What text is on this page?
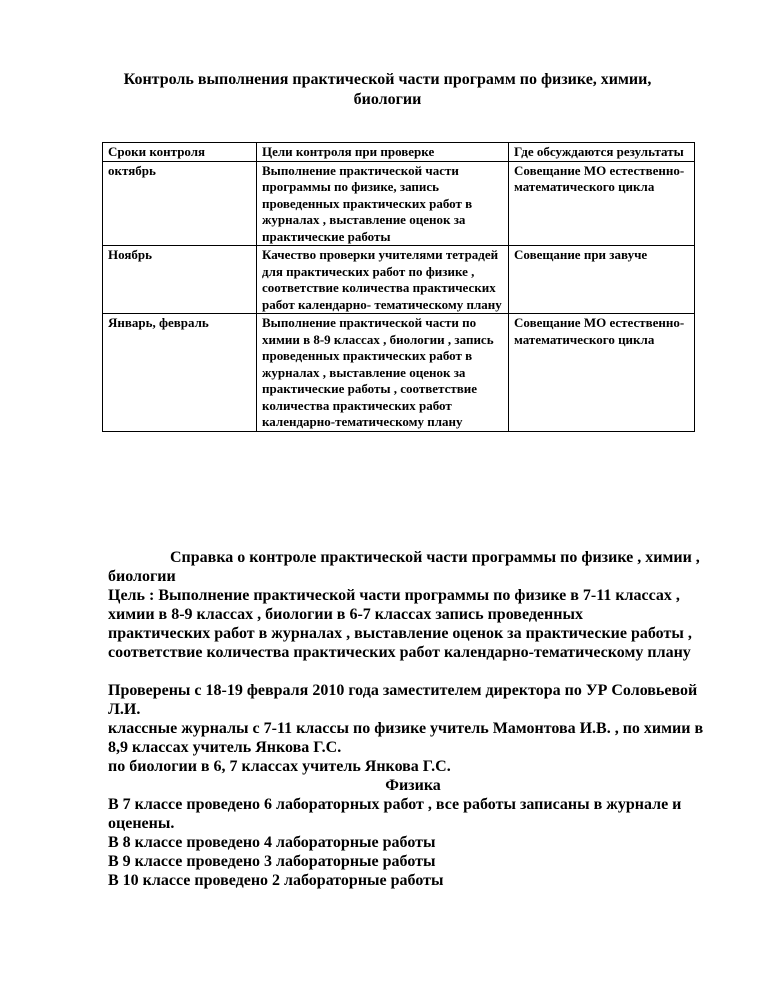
Контроль выполнения практической части программ по физике, химии, биологии
Сроки контроля	Цели контроля при проверке	Где обсуждаются результаты
октябрь	Выполнение практической части программы по физике, запись проведенных практических работ в журналах , выставление оценок за практические работы	Совещание МО естественно-математического цикла
Ноябрь	Качество проверки учителями тетрадей для практических работ по физике , соответствие количества практических работ календарно- тематическому плану	Совещание при завуче
Январь, февраль	Выполнение практической части по химии в 8-9 классах , биологии , запись проведенных практических работ в журналах , выставление оценок за практические работы , соответствие количества практических работ календарно-тематическому плану	Совещание МО естественно-математического цикла

Справка о контроле практической части программы по физике , химии , биологии

Цель : Выполнение практической части программы по физике в 7-11 классах , химии в 8-9 классах , биологии в 6-7 классах запись проведенных

практических работ в журналах , выставление оценок за практические работы , соответствие количества практических работ календарно-тематическому плану

Проверены с 18-19 февраля 2010 года заместителем директора по УР Соловьевой Л.И.

классные журналы с 7-11 классы по физике учитель Мамонтова И.В. , по химии в 8,9 классах учитель Янкова Г.С.

по биологии в 6, 7 классах учитель Янкова Г.С.

Физика

В 7 классе проведено 6 лабораторных работ , все работы записаны в журнале и оценены.

В 8 классе проведено 4 лабораторные работы

В 9 классе проведено 3 лабораторные работы

В 10 классе проведено 2 лабораторные работы
